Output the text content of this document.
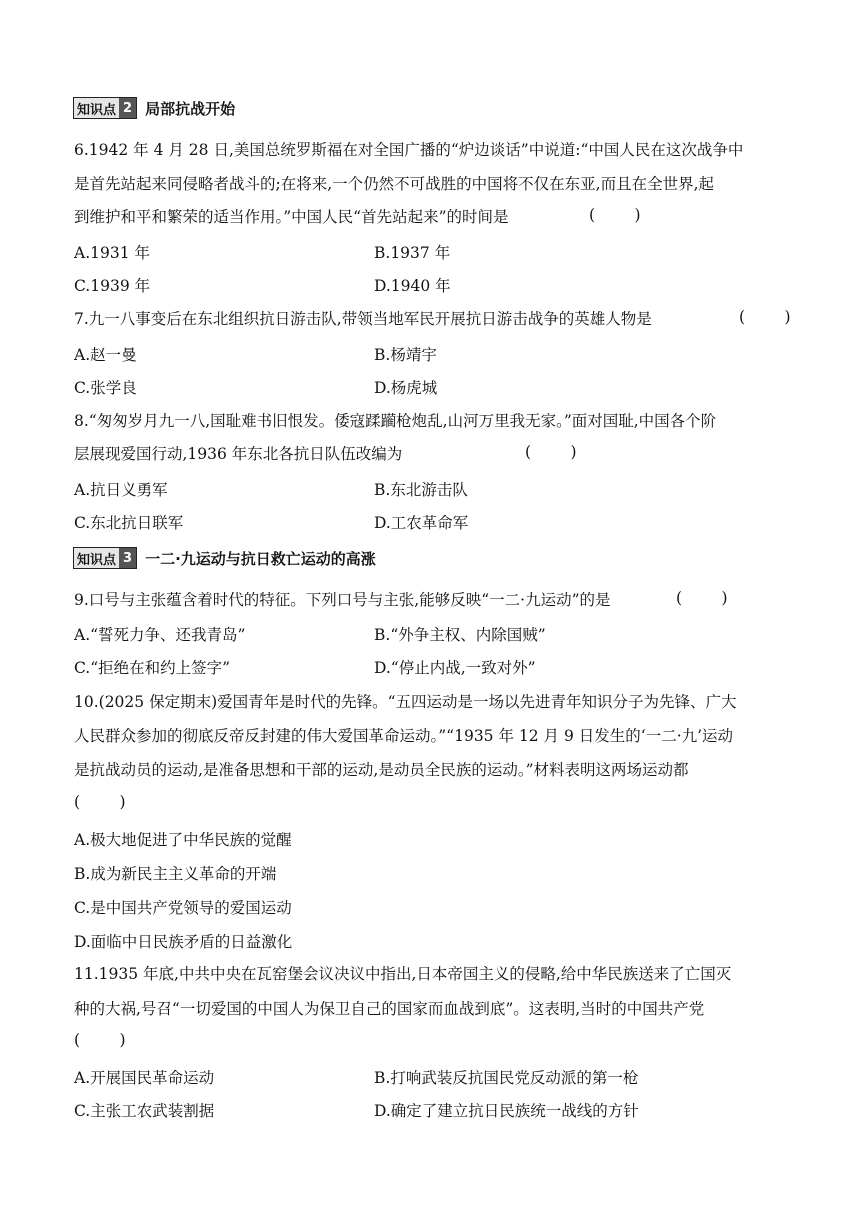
知识点 2 局部抗战开始
6.1942 年 4 月 28 日,美国总统罗斯福在对全国广播的“炉边谈话”中说道:“中国人民在这次战争中
是首先站起来同侵略者战斗的;在将来,一个仍然不可战胜的中国将不仅在东亚,而且在全世界,起
到维护和平和繁荣的适当作用。”中国人民“首先站起来”的时间是	(        )
A.1931 年	B.1937 年
C.1939 年	D.1940 年
7.九一八事变后在东北组织抗日游击队,带领当地军民开展抗日游击战争的英雄人物是	(        )
A.赵一曼	B.杨靖宇
C.张学良	D.杨虎城
8.“匆匆岁月九一八,国耻难书旧恨发。倭寇蹂躏枪炮乱,山河万里我无家。”面对国耻,中国各个阶
层展现爱国行动,1936 年东北各抗日队伍改编为	(        )
A.抗日义勇军	B.东北游击队
C.东北抗日联军	D.工农革命军
知识点 3 一二·九运动与抗日救亡运动的高涨
9.口号与主张蕴含着时代的特征。下列口号与主张,能够反映“一二·九运动”的是	(        )
A.“誓死力争、还我青岛”	B.“外争主权、内除国贼”
C.“拒绝在和约上签字”	D.“停止内战,一致对外”
10.(2025 保定期末)爱国青年是时代的先锋。“五四运动是一场以先进青年知识分子为先锋、广大
人民群众参加的彻底反帝反封建的伟大爱国革命运动。”“1935 年 12 月 9 日发生的‘一二·九’运动
是抗战动员的运动,是准备思想和干部的运动,是动员全民族的运动。”材料表明这两场运动都
(        )
A.极大地促进了中华民族的觉醒
B.成为新民主主义革命的开端
C.是中国共产党领导的爱国运动
D.面临中日民族矛盾的日益激化
11.1935 年底,中共中央在瓦窑堡会议决议中指出,日本帝国主义的侵略,给中华民族送来了亡国灭
种的大祸,号召“一切爱国的中国人为保卫自己的国家而血战到底”。这表明,当时的中国共产党
(        )
A.开展国民革命运动	B.打响武装反抗国民党反动派的第一枪
C.主张工农武装割据	D.确定了建立抗日民族统一战线的方针
